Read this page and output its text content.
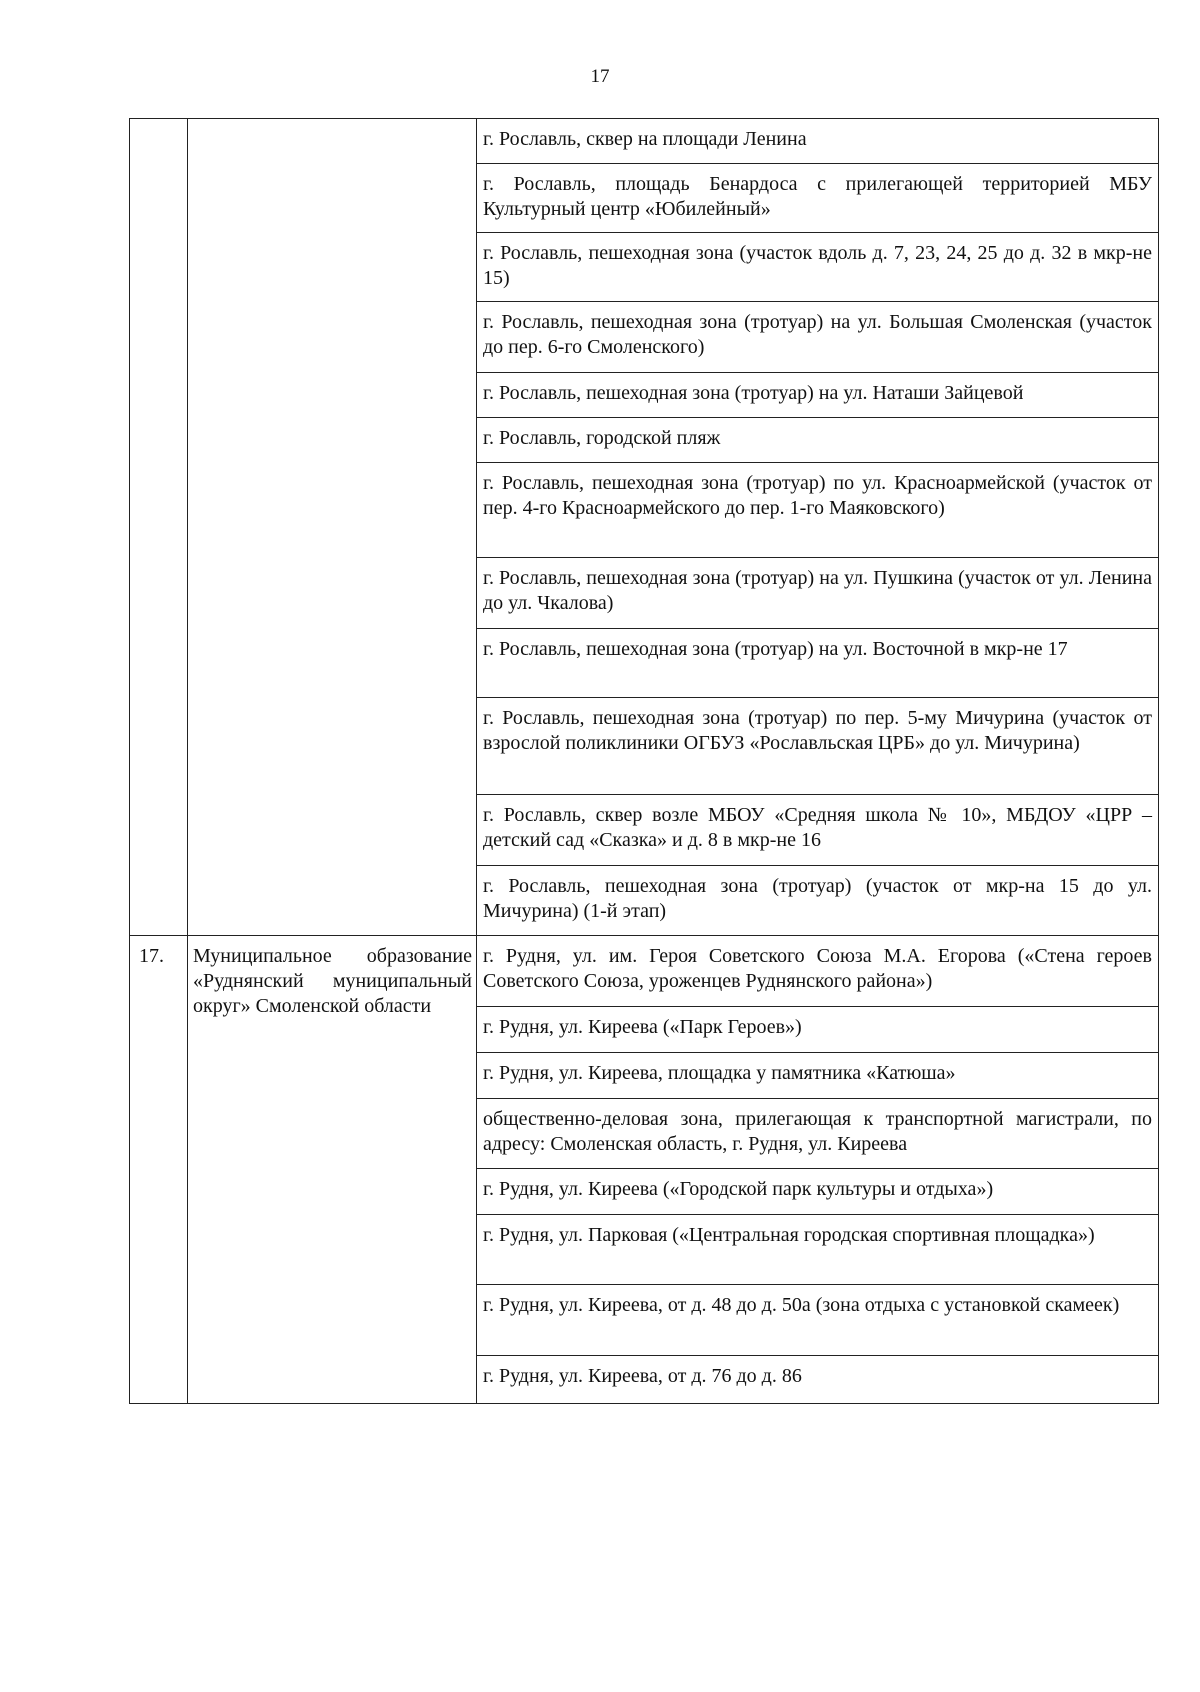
17

		г. Рославль, сквер на площади Ленина

		г. Рославль, площадь Бенардоса с прилегающей территорией МБУ Культурный центр «Юбилейный»

		г. Рославль, пешеходная зона (участок вдоль д. 7, 23, 24, 25 до д. 32 в мкр-не 15)

		г. Рославль, пешеходная зона (тротуар) на ул. Большая Смоленская (участок до пер. 6-го Смоленского)

		г. Рославль, пешеходная зона (тротуар) на ул. Наташи Зайцевой

		г. Рославль, городской пляж

		г. Рославль, пешеходная зона (тротуар) по ул. Красноармейской (участок от пер. 4-го Красноармейского до пер. 1-го Маяковского)

		г. Рославль, пешеходная зона (тротуар) на ул. Пушкина (участок от ул. Ленина до ул. Чкалова)

		г. Рославль, пешеходная зона (тротуар) на ул. Восточной в мкр-не 17

		г. Рославль, пешеходная зона (тротуар) по пер. 5-му Мичурина (участок от взрослой поликлиники ОГБУЗ «Рославльская ЦРБ» до ул. Мичурина)

		г. Рославль, сквер возле МБОУ «Средняя школа № 10», МБДОУ «ЦРР – детский сад «Сказка» и д. 8 в мкр-не 16

		г. Рославль, пешеходная зона (тротуар) (участок от мкр-на 15 до ул. Мичурина) (1-й этап)

17.	Муниципальное образование «Руднянский муниципальный округ» Смоленской области	г. Рудня, ул. им. Героя Советского Союза М.А. Егорова («Стена героев Советского Союза, уроженцев Руднянского района»)

		г. Рудня, ул. Киреева («Парк Героев»)

		г. Рудня, ул. Киреева, площадка у памятника «Катюша»

		общественно-деловая зона, прилегающая к транспортной магистрали, по адресу: Смоленская область, г. Рудня, ул. Киреева

		г. Рудня, ул. Киреева («Городской парк культуры и отдыха»)

		г. Рудня, ул. Парковая («Центральная городская спортивная площадка»)

		г. Рудня, ул. Киреева, от д. 48 до д. 50а (зона отдыха с установкой скамеек)

		г. Рудня, ул. Киреева, от д. 76 до д. 86
